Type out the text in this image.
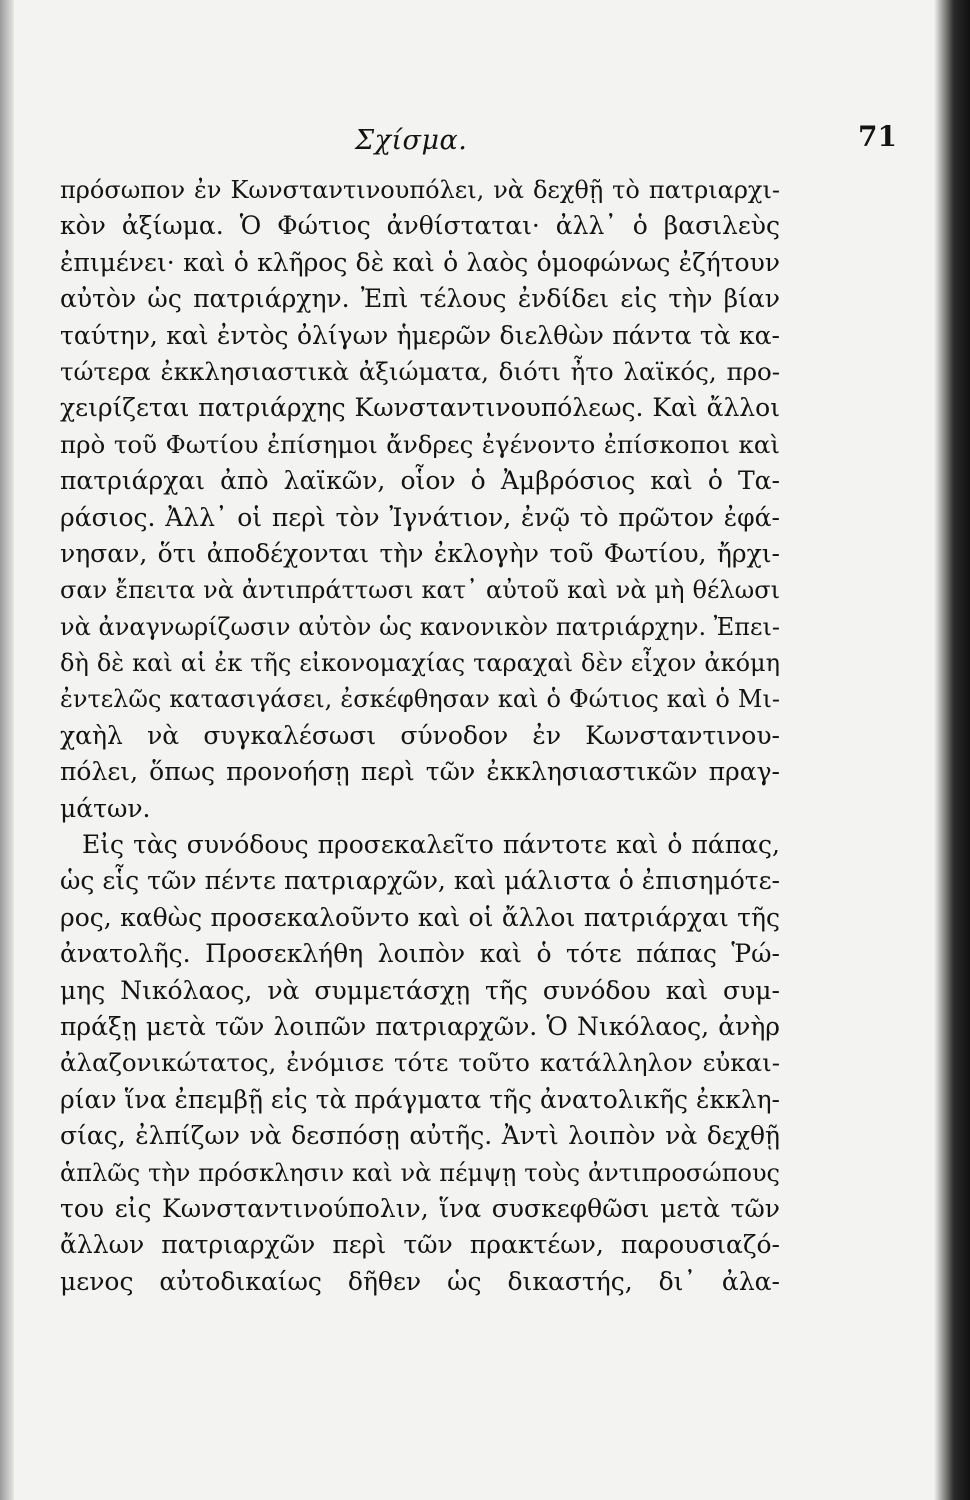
Σχίσμα.	71
πρόσωπον ἐν Κωνσταντινουπόλει, νὰ δεχθῇ τὸ πατριαρχι-
κὸν ἀξίωμα. Ὁ Φώτιος ἀνθίσταται· ἀλλ᾽ ὁ βασιλεὺς
ἐπιμένει· καὶ ὁ κλῆρος δὲ καὶ ὁ λαὸς ὁμοφώνως ἐζήτουν
αὐτὸν ὡς πατριάρχην. Ἐπὶ τέλους ἐνδίδει εἰς τὴν βίαν
ταύτην, καὶ ἐντὸς ὀλίγων ἡμερῶν διελθὼν πάντα τὰ κα-
τώτερα ἐκκλησιαστικὰ ἀξιώματα, διότι ἦτο λαϊκός, προ-
χειρίζεται πατριάρχης Κωνσταντινουπόλεως. Καὶ ἄλλοι
πρὸ τοῦ Φωτίου ἐπίσημοι ἄνδρες ἐγένοντο ἐπίσκοποι καὶ
πατριάρχαι ἀπὸ λαϊκῶν, οἷον ὁ Ἀμβρόσιος καὶ ὁ Τα-
ράσιος. Ἀλλ᾽ οἱ περὶ τὸν Ἰγνάτιον, ἐνῷ τὸ πρῶτον ἐφά-
νησαν, ὅτι ἀποδέχονται τὴν ἐκλογὴν τοῦ Φωτίου, ἤρχι-
σαν ἔπειτα νὰ ἀντιπράττωσι κατ᾽ αὐτοῦ καὶ νὰ μὴ θέλωσι
νὰ ἀναγνωρίζωσιν αὐτὸν ὡς κανονικὸν πατριάρχην. Ἐπει-
δὴ δὲ καὶ αἱ ἐκ τῆς εἰκονομαχίας ταραχαὶ δὲν εἶχον ἀκόμη
ἐντελῶς κατασιγάσει, ἐσκέφθησαν καὶ ὁ Φώτιος καὶ ὁ Μι-
χαὴλ νὰ συγκαλέσωσι σύνοδον ἐν Κωνσταντινου-
πόλει, ὅπως προνοήσῃ περὶ τῶν ἐκκλησιαστικῶν πραγ-
μάτων.
Εἰς τὰς συνόδους προσεκαλεῖτο πάντοτε καὶ ὁ πάπας,
ὡς εἷς τῶν πέντε πατριαρχῶν, καὶ μάλιστα ὁ ἐπισημότε-
ρος, καθὼς προσεκαλοῦντο καὶ οἱ ἄλλοι πατριάρχαι τῆς
ἀνατολῆς. Προσεκλήθη λοιπὸν καὶ ὁ τότε πάπας Ῥώ-
μης Νικόλαος, νὰ συμμετάσχῃ τῆς συνόδου καὶ συμ-
πράξῃ μετὰ τῶν λοιπῶν πατριαρχῶν. Ὁ Νικόλαος, ἀνὴρ
ἀλαζονικώτατος, ἐνόμισε τότε τοῦτο κατάλληλον εὐκαι-
ρίαν ἵνα ἐπεμβῇ εἰς τὰ πράγματα τῆς ἀνατολικῆς ἐκκλη-
σίας, ἐλπίζων νὰ δεσπόσῃ αὐτῆς. Ἀντὶ λοιπὸν νὰ δεχθῇ
ἁπλῶς τὴν πρόσκλησιν καὶ νὰ πέμψῃ τοὺς ἀντιπροσώπους
του εἰς Κωνσταντινούπολιν, ἵνα συσκεφθῶσι μετὰ τῶν
ἄλλων πατριαρχῶν περὶ τῶν πρακτέων, παρουσιαζό-
μενος αὐτοδικαίως δῆθεν ὡς δικαστής, δι᾽ ἀλα-
